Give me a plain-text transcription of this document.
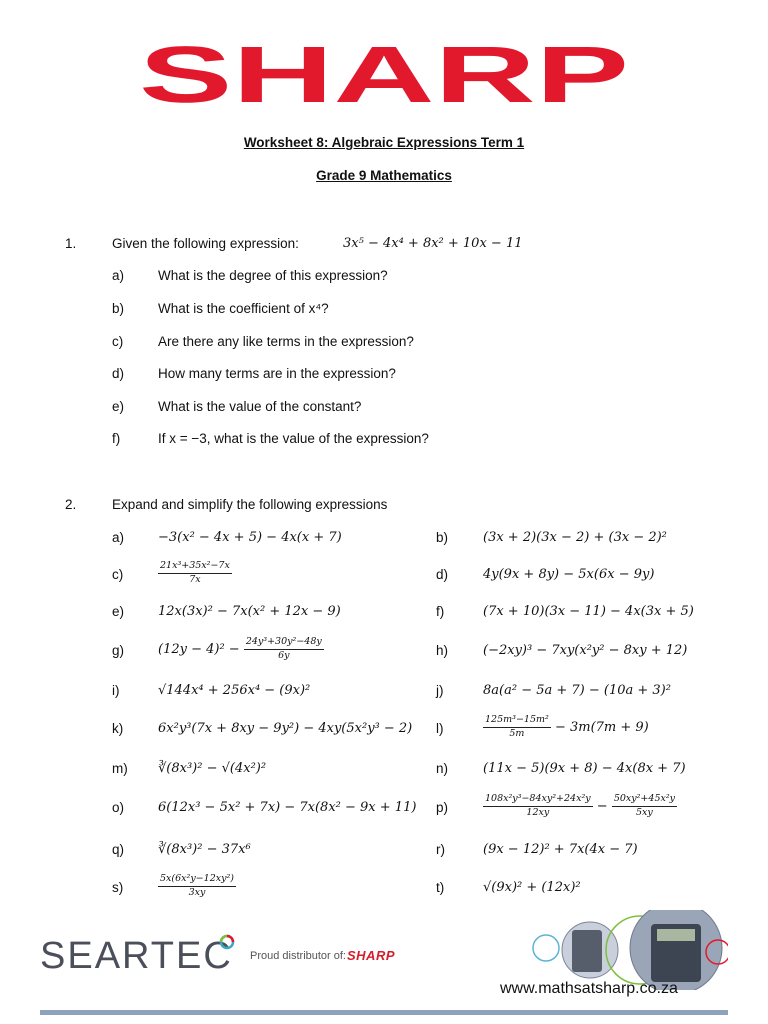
SHARP
Worksheet 8: Algebraic Expressions Term 1
Grade 9 Mathematics
1.	Given the following expression:	3x⁵ − 4x⁴ + 8x² + 10x − 11
a)	What is the degree of this expression?
b)	What is the coefficient of x⁴?
c)	Are there any like terms in the expression?
d)	How many terms are in the expression?
e)	What is the value of the constant?
f)	If x = −3, what is the value of the expression?
2.	Expand and simplify the following expressions
a)	−3(x² − 4x + 5) − 4x(x + 7)	b)	(3x + 2)(3x − 2) + (3x − 2)²
c)	$\frac{\text{21x³+35x²−7x}}{7x}$	d)	4y(9x + 8y) − 5x(6x − 9y)
e)	12x(3x)² − 7x(x² + 12x − 9)	f)	(7x + 10)(3x − 11) − 4x(3x + 5)
g)	$(12y - 4)^2 - \frac{\text{24y³+30y²−48y}}{6y}$	h)	(−2xy)³ − 7xy(x²y² − 8xy + 12)
i)	√144x⁴ + 256x⁴ − (9x)²	j)	8a(a² − 5a + 7) − (10a + 3)²
k)	6x²y³(7x + 8xy − 9y²) − 4xy(5x²y³ − 2) l)	$\frac{\text{125m³−15m²}}{5m} - 3m(7m + 9)$
m) ∛(8x³)² − √(4x²)²	n)	(11x − 5)(9x + 8) − 4x(8x + 7)
o)	6(12x³ − 5x² + 7x) − 7x(8x² − 9x + 11) p)	$\frac{\text{108x²y³−84xy²+24x²y}}{12xy} - \frac{\text{50xy²+45x²y}}{5xy}$
q)	∛(8x³)² − 37x⁶	r)	(9x − 12)² + 7x(4x − 7)
s)	$\frac{\text{5x(6x²y−12xy²)}}{3xy}$	t)	√(9x)² + (12x)²
SEARTEC Proud distributor of: SHARP
www.mathsatsharp.co.za
